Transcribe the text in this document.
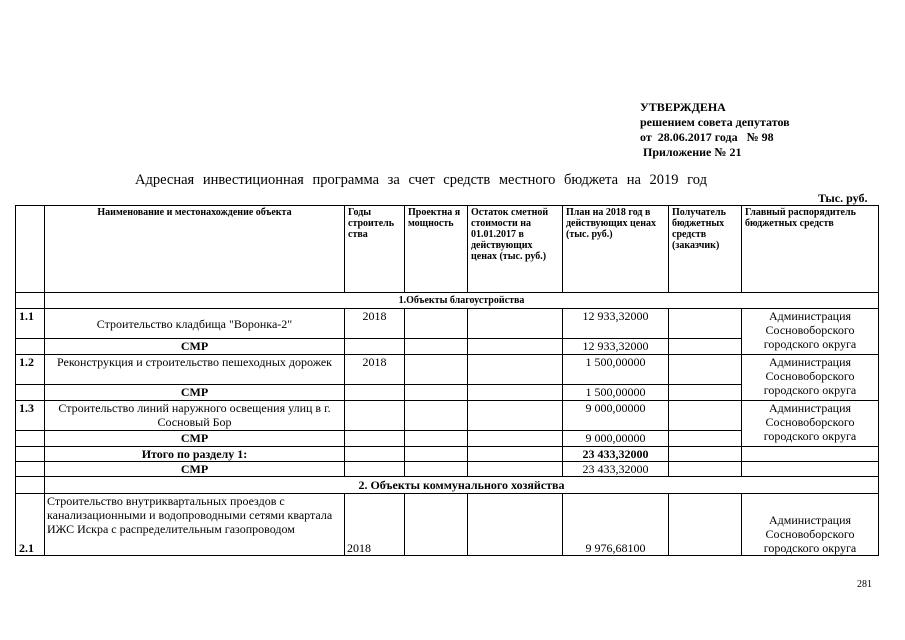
УТВЕРЖДЕНА
решением совета депутатов
от  28.06.2017 года   № 98
Приложение № 21
Адресная инвестиционная программа за счет средств местного бюджета на 2019 год
Тыс. руб.
	Наименование и местонахождение объекта	Годы строитель ства	Проектна я мощность	Остаток сметной стоимости на 01.01.2017 в действующих ценах (тыс. руб.)	План на 2018 год в действующих ценах (тыс. руб.)	Получатель бюджетных средств (заказчик)	Главный распорядитель бюджетных средств
	1.Объекты благоустройства						
1.1	Строительство кладбища "Воронка-2"	2018			12 933,32000		Администрация Сосновоборского городского округа
	СМР				12 933,32000		
1.2	Реконструкция и строительство пешеходных дорожек	2018			1 500,00000		Администрация Сосновоборского городского округа
	СМР				1 500,00000		
1.3	Строительство линий наружного освещения улиц в г. Сосновый Бор				9 000,00000		Администрация Сосновоборского городского округа
	СМР				9 000,00000		
	Итого по разделу 1:				23 433,32000		
	СМР				23 433,32000		
	2. Объекты коммунального хозяйства						
2.1	Строительство внутриквартальных проездов с канализационными и водопроводными сетями квартала ИЖС Искра с распределительным газопроводом	2018			9 976,68100		Администрация Сосновоборского городского округа
281
